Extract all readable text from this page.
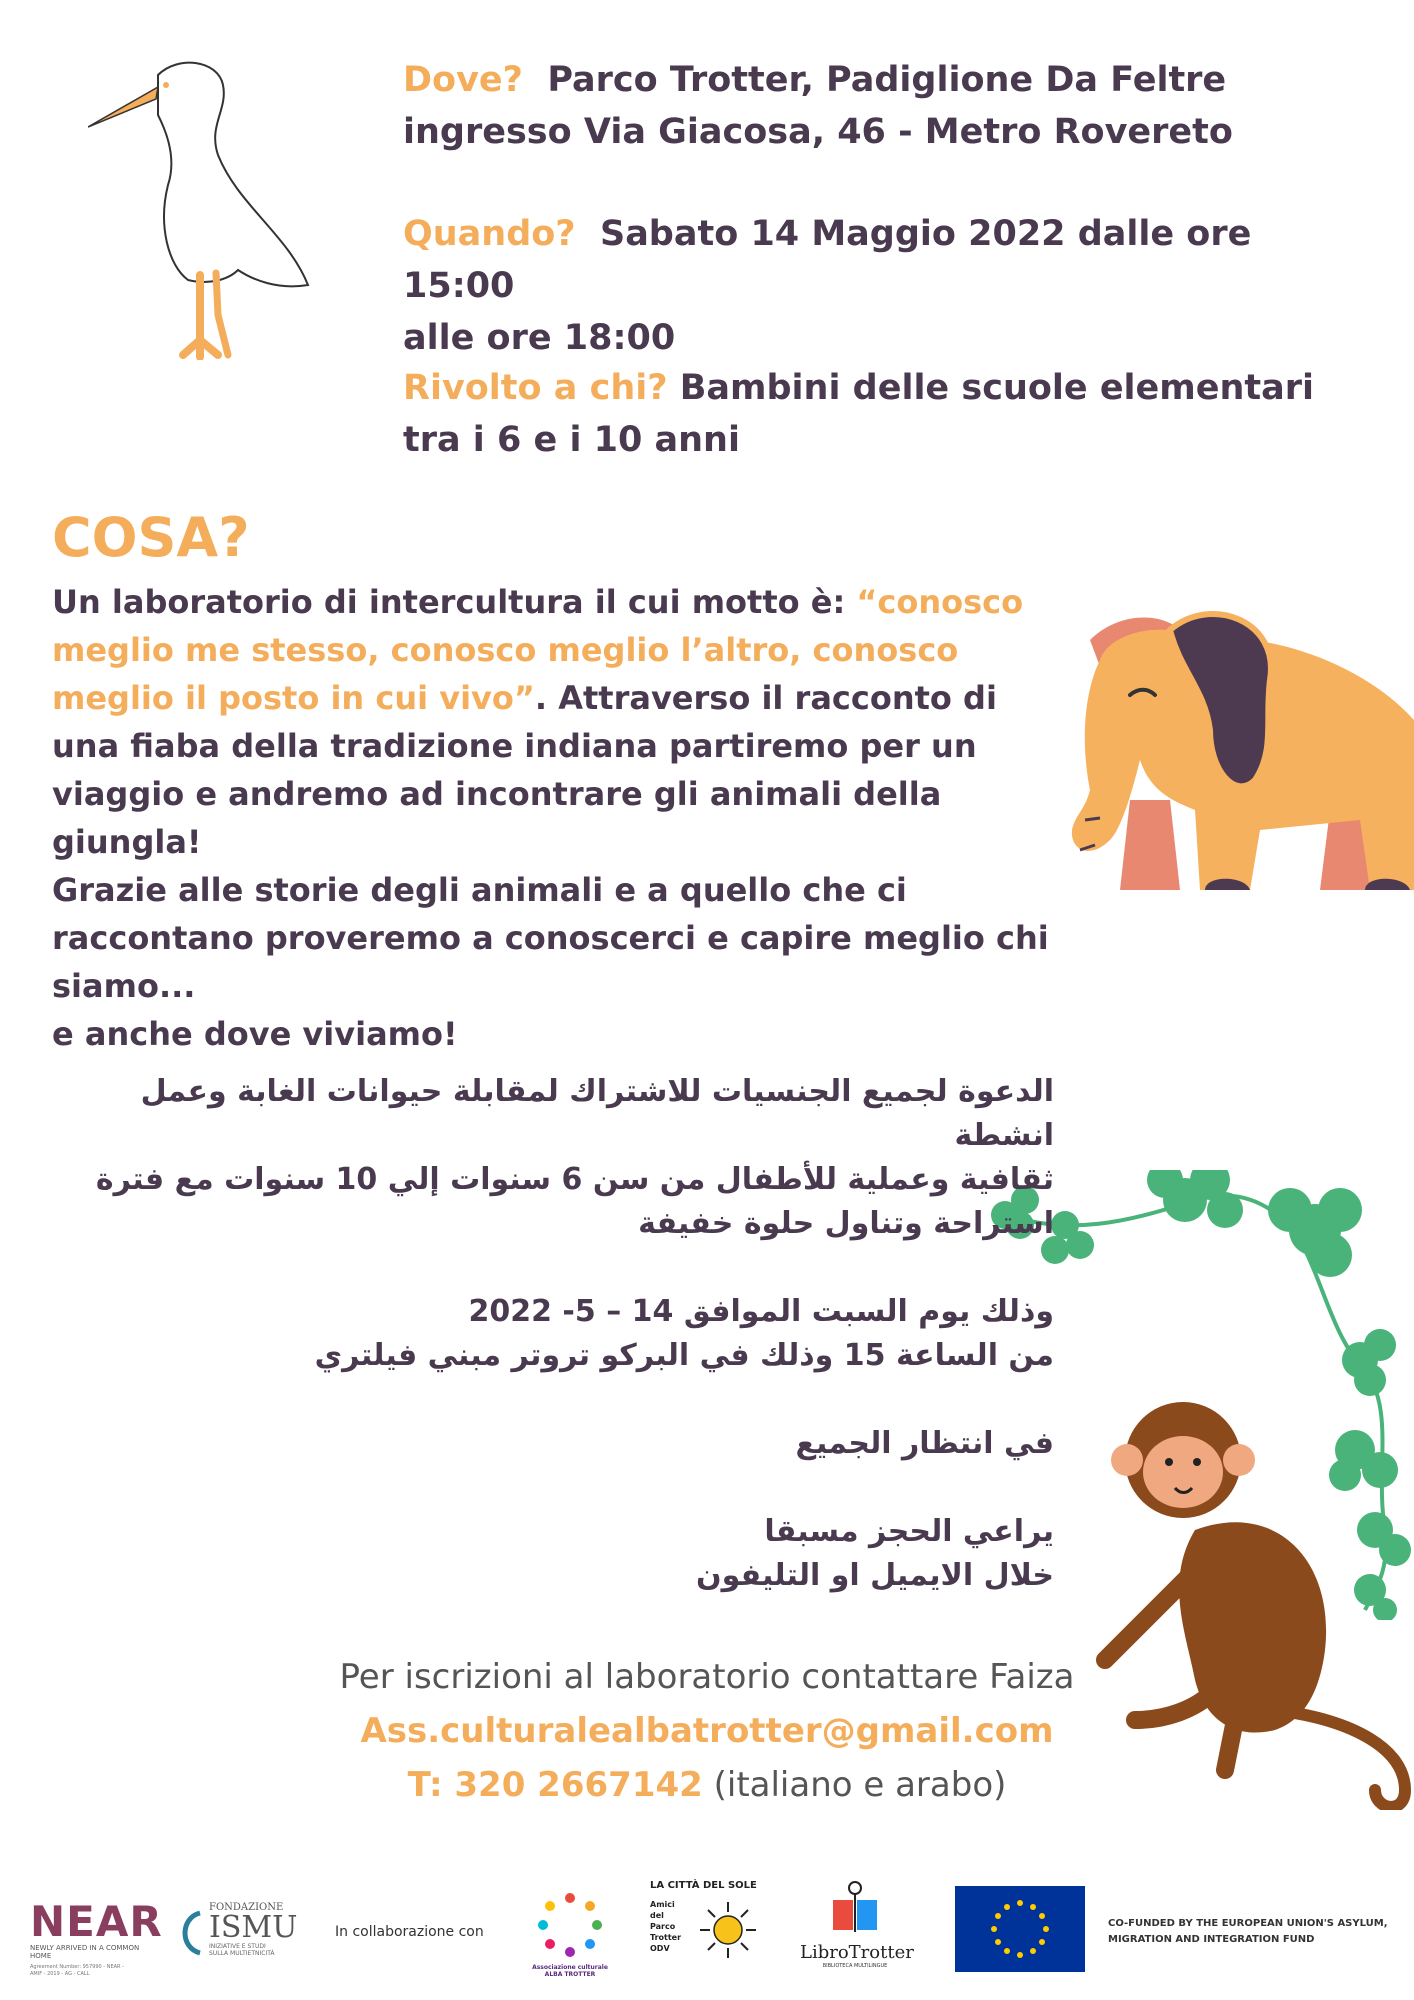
Dove? Parco Trotter, Padiglione Da Feltre
ingresso Via Giacosa, 46 - Metro Rovereto
Quando? Sabato 14 Maggio 2022 dalle ore 15:00
alle ore 18:00
Rivolto a chi? Bambini delle scuole elementari
tra i 6 e i 10 anni
COSA?
Un laboratorio di intercultura il cui motto è: “conosco meglio me stesso, conosco meglio l’altro, conosco meglio il posto in cui vivo”. Attraverso il racconto di una fiaba della tradizione indiana partiremo per un viaggio e andremo ad incontrare gli animali della giungla!
Grazie alle storie degli animali e a quello che ci raccontano proveremo a conoscerci e capire meglio chi siamo...
e anche dove viviamo!
الدعوة لجميع الجنسيات للاشتراك لمقابلة حيوانات الغابة وعمل انشطة
ثقافية وعملية للأطفال من سن 6 سنوات إلي 10 سنوات مع فترة
استراحة وتناول حلوة خفيفة
وذلك يوم السبت الموافق 14 – 5- 2022
من الساعة 15 وذلك في البركو تروتر مبني فيلتري
في انتظار الجميع
يراعي الحجز مسبقا
خلال الايميل او التليفون
Per iscrizioni al laboratorio contattare Faiza
Ass.culturalealbatrotter@gmail.com
T: 320 2667142 (italiano e arabo)
NEAR
NEWLY ARRIVED IN A COMMON HOME
Agreement Number: 957990 - NEAR - AMIF - 2019 - AG - CALL
FONDAZIONE
ISMU
INIZIATIVE E STUDI
SULLA MULTIETNICITÀ
In collaborazione con
Associazione culturale
ALBA TROTTER
LA CITTÀ DEL SOLE
Amici del Parco Trotter ODV	LibroTrotter
BIBLIOTECA MULTILINGUE
CO-FUNDED BY THE EUROPEAN UNION'S ASYLUM,
MIGRATION AND INTEGRATION FUND
